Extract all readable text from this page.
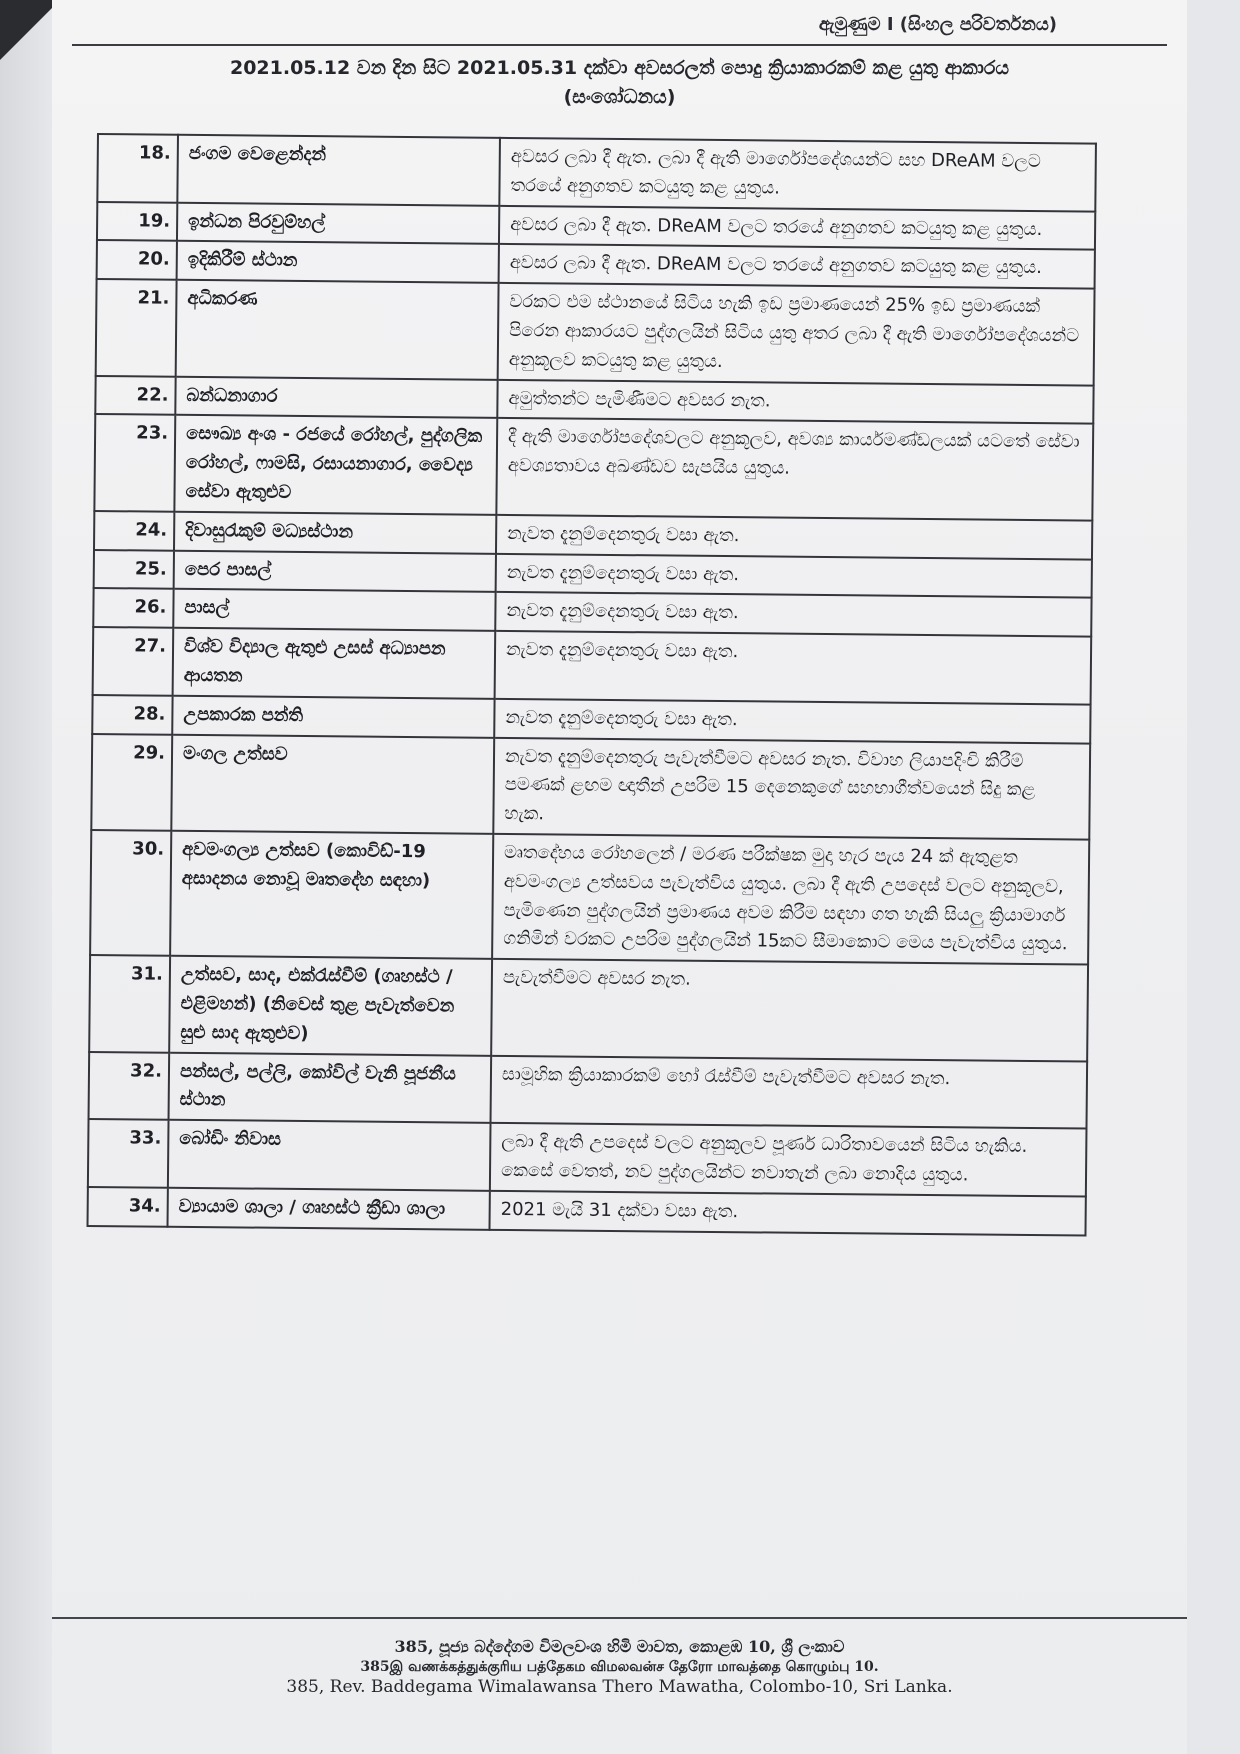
ඇමුණුම I (සිංහල පරිවර්තනය)
2021.05.12 වන දින සිට 2021.05.31 දක්වා අවසරලත් පොදු ක්‍රියාකාරකම් කළ යුතු ආකාරය
(සංශෝධනය)
18.	ජංගම වෙළෙන්දන්	අවසර ලබා දී ඇත. ලබා දී ඇති මාර්ගෝපදේශයන්ට සහ DReAM වලට තරයේ අනුගතව කටයුතු කළ යුතුය.
19.	ඉන්ධන පිරවුම්හල්	අවසර ලබා දී ඇත. DReAM වලට තරයේ අනුගතව කටයුතු කළ යුතුය.
20.	ඉදිකිරීම් ස්ථාන	අවසර ලබා දී ඇත. DReAM වලට තරයේ අනුගතව කටයුතු කළ යුතුය.
21.	අධිකරණ	වරකට එම ස්ථානයේ සිටිය හැකි ඉඩ ප්‍රමාණයෙන් 25% ඉඩ ප්‍රමාණයක් පිරෙන ආකාරයට පුද්ගලයින් සිටිය යුතු අතර ලබා දී ඇති මාර්ගෝපදේශයන්ට අනුකූලව කටයුතු කළ යුතුය.
22.	බන්ධනාගාර	අමුත්තන්ට පැමිණීමට අවසර නැත.
23.	සෞඛ්‍ය අංශ - රජයේ රෝහල්, පුද්ගලික රෝහල්, ෆාමසි, රසායනාගාර, වෛද්‍ය සේවා ඇතුළුව	දී ඇති මාර්ගෝපදේශවලට අනුකූලව, අවශ්‍ය කාර්යමණ්ඩලයක් යටතේ සේවා අවශ්‍යතාවය අඛණ්ඩව සැපයිය යුතුය.
24.	දිවාසුරැකුම් මධ්‍යස්ථාන	නැවත දැනුම්දෙනතුරු වසා ඇත.
25.	පෙර පාසල්	නැවත දැනුම්දෙනතුරු වසා ඇත.
26.	පාසල්	නැවත දැනුම්දෙනතුරු වසා ඇත.
27.	විශ්ව විද්‍යාල ඇතුළු උසස් අධ්‍යාපන ආයතන	නැවත දැනුම්දෙනතුරු වසා ඇත.
28.	උපකාරක පන්ති	නැවත දැනුම්දෙනතුරු වසා ඇත.
29.	මංගල උත්සව	නැවත දැනුම්දෙනතුරු පැවැත්වීමට අවසර නැත. විවාහ ලියාපදිංචි කිරීම් පමණක් ළඟම ඥාතීන් උපරිම 15 දෙනෙකුගේ සහභාගීත්වයෙන් සිදු කළ හැක.
30.	අවමංගල්‍ය උත්සව (කොවිඩ්-19 අසාදනය නොවූ මෘතදේහ සඳහා)	මෘතදේහය රෝහලෙන් / මරණ පරීක්ෂක මුදා හැර පැය 24 ක් ඇතුළත අවමංගල්‍ය උත්සවය පැවැත්විය යුතුය. ලබා දී ඇති උපදෙස් වලට අනුකූලව, පැමිණෙන පුද්ගලයින් ප්‍රමාණය අවම කිරීම සඳහා ගත හැකි සියලු ක්‍රියාමාර්ග ගනිමින් වරකට උපරිම පුද්ගලයින් 15කට සීමාකොට මෙය පැවැත්විය යුතුය.
31.	උත්සව, සාද, එක්රැස්වීම් (ගෘහස්ථ / එළිමහන්) (නිවෙස් තුළ පැවැත්වෙන සුළු සාද ඇතුළුව)	පැවැත්වීමට අවසර නැත.
32.	පන්සල්, පල්ලි, කෝවිල් වැනි පූජනීය ස්ථාන	සාමූහික ක්‍රියාකාරකම් හෝ රැස්වීම් පැවැත්වීමට අවසර නැත.
33.	බෝඩිං නිවාස	ලබා දී ඇති උපදෙස් වලට අනුකූලව පූර්ණ ධාරිතාවයෙන් සිටිය හැකිය. කෙසේ වෙතත්, නව පුද්ගලයින්ට නවාතැන් ලබා නොදිය යුතුය.
34.	ව්‍යායාම ශාලා / ගෘහස්ථ ක්‍රීඩා ශාලා	2021 මැයි 31 දක්වා වසා ඇත.
385, පූජ්‍ය බද්දේගම විමලවංශ හිමි මාවත, කොළඹ 10, ශ්‍රී ලංකාව
385இ வணக்கத்துக்குரிய பத்தேகம விமலவன்ச தேரோ மாவத்தை கொழும்பு 10.
385, Rev. Baddegama Wimalawansa Thero Mawatha, Colombo-10, Sri Lanka.
